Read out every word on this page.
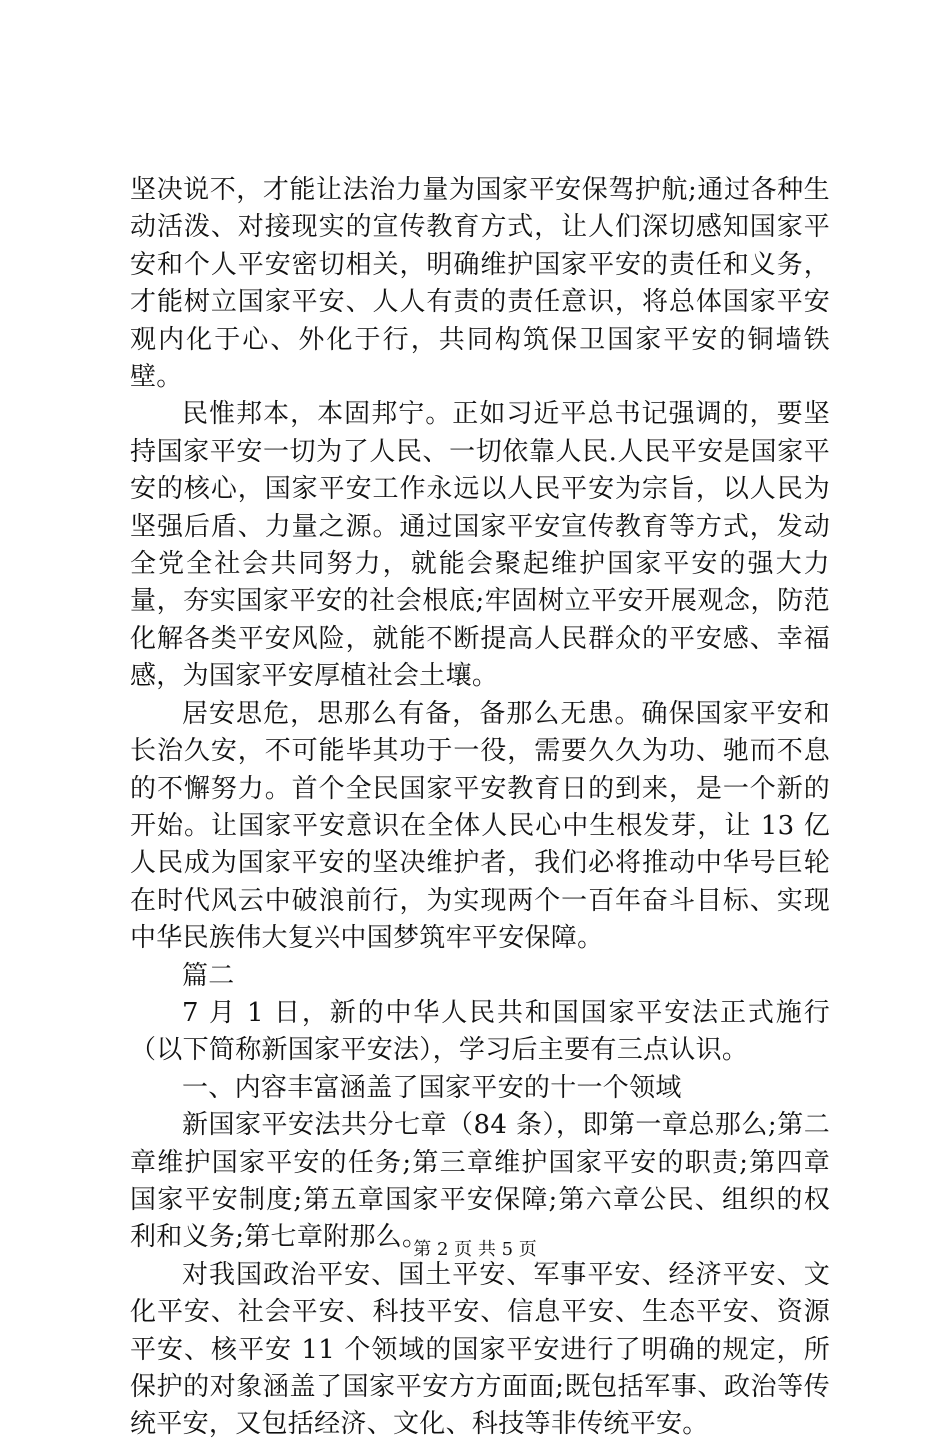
坚决说不，才能让法治力量为国家平安保驾护航;通过各种生动活泼、对接现实的宣传教育方式，让人们深切感知国家平安和个人平安密切相关，明确维护国家平安的责任和义务，才能树立国家平安、人人有责的责任意识，将总体国家平安观内化于心、外化于行，共同构筑保卫国家平安的铜墙铁壁。

民惟邦本，本固邦宁。正如习近平总书记强调的，要坚持国家平安一切为了人民、一切依靠人民.人民平安是国家平安的核心，国家平安工作永远以人民平安为宗旨，以人民为坚强后盾、力量之源。通过国家平安宣传教育等方式，发动全党全社会共同努力，就能会聚起维护国家平安的强大力量，夯实国家平安的社会根底;牢固树立平安开展观念，防范化解各类平安风险，就能不断提高人民群众的平安感、幸福感，为国家平安厚植社会土壤。

居安思危，思那么有备，备那么无患。确保国家平安和长治久安，不可能毕其功于一役，需要久久为功、驰而不息的不懈努力。首个全民国家平安教育日的到来，是一个新的开始。让国家平安意识在全体人民心中生根发芽，让 13 亿人民成为国家平安的坚决维护者，我们必将推动中华号巨轮在时代风云中破浪前行，为实现两个一百年奋斗目标、实现中华民族伟大复兴中国梦筑牢平安保障。

篇二

7 月 1 日，新的中华人民共和国国家平安法正式施行（以下简称新国家平安法），学习后主要有三点认识。

一、内容丰富涵盖了国家平安的十一个领域

新国家平安法共分七章（84 条），即第一章总那么;第二章维护国家平安的任务;第三章维护国家平安的职责;第四章国家平安制度;第五章国家平安保障;第六章公民、组织的权利和义务;第七章附那么。

对我国政治平安、国土平安、军事平安、经济平安、文化平安、社会平安、科技平安、信息平安、生态平安、资源平安、核平安 11 个领域的国家平安进行了明确的规定，所保护的对象涵盖了国家平安方方面面;既包括军事、政治等传统平安，又包括经济、文化、科技等非传统平安。

第 2 页 共 5 页
